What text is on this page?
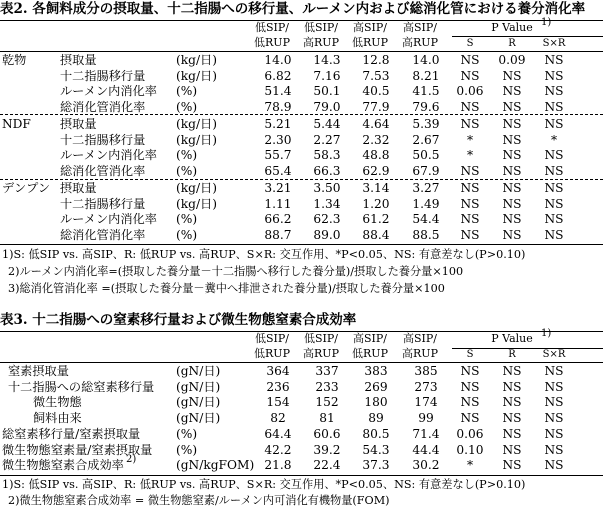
表2. 各飼料成分の摂取量、十二指腸への移行量、ルーメン内および総消化管における養分消化率
低SIP/
低RUP
低SIP/
高RUP
高SIP/
低RUP
高SIP/
高RUP
P Value 1)
S	R	S×R
乾物	摂取量	(kg/日)	14.0	14.3	12.8	14.0	NS	0.09	NS
十二指腸移行量	(kg/日)	6.82	7.16	7.53	8.21	NS	NS	NS
ルーメン内消化率 (%)	51.4	50.1	40.5	41.5	0.06	NS	NS
総消化管消化率	(%)	78.9	79.0	77.9	79.6	NS	NS	NS
NDF 摂取量	(kg/日)	5.21	5.44	4.64	5.39	NS	NS	NS
十二指腸移行量	(kg/日)	2.30	2.27	2.32	2.67	*	NS	*
ルーメン内消化率 (%)	55.7	58.3	48.8	50.5	*	NS	NS
総消化管消化率	(%)	65.4	66.3	62.9	67.9	NS	NS	NS
デンプン 摂取量	(kg/日)	3.21	3.50	3.14	3.27	NS	NS	NS
十二指腸移行量	(kg/日)	1.11	1.34	1.20	1.49	NS	NS	NS
ルーメン内消化率 (%)	66.2	62.3	61.2	54.4	NS	NS	NS
総消化管消化率	(%)	88.7	89.0	88.4	88.5	NS	NS	NS
1)S: 低SIP vs. 高SIP、R: 低RUP vs. 高RUP、S×R: 交互作用、*P<0.05、NS: 有意差なし(P>0.10)
2)ルーメン内消化率=(摂取した養分量－十二指腸へ移行した養分量)/摂取した養分量×100
3)総消化管消化率 =(摂取した養分量－糞中へ排泄された養分量)/摂取した養分量×100
表3. 十二指腸への窒素移行量および微生物態窒素合成効率
低SIP/
低RUP
低SIP/
高RUP
高SIP/
低RUP
高SIP/
高RUP
P Value 1)
S	R	S×R
窒素摂取量	(gN/日)	364	337	383	385	NS	NS	NS
十二指腸への総窒素移行量 (gN/日)	236	233	269	273	NS	NS	NS
微生物態	(gN/日)	154	152	180	174	NS	NS	NS
飼料由来	(gN/日)	82	81	89	99	NS	NS	NS
総窒素移行量/窒素摂取量	(%)	64.4	60.6	80.5	71.4	0.06	NS	NS
微生物態窒素量/窒素摂取量 (%)	42.2	39.2	54.3	44.4	0.10	NS	NS
微生物態窒素合成効率 2)	(gN/kgFOM) 21.8	22.4	37.3	30.2	*	NS	NS
1)S: 低SIP vs. 高SIP、R: 低RUP vs. 高RUP、S×R: 交互作用、*P<0.05、NS: 有意差なし(P>0.10)
2)微生物態窒素合成効率 = 微生物態窒素/ルーメン内可消化有機物量(FOM)
